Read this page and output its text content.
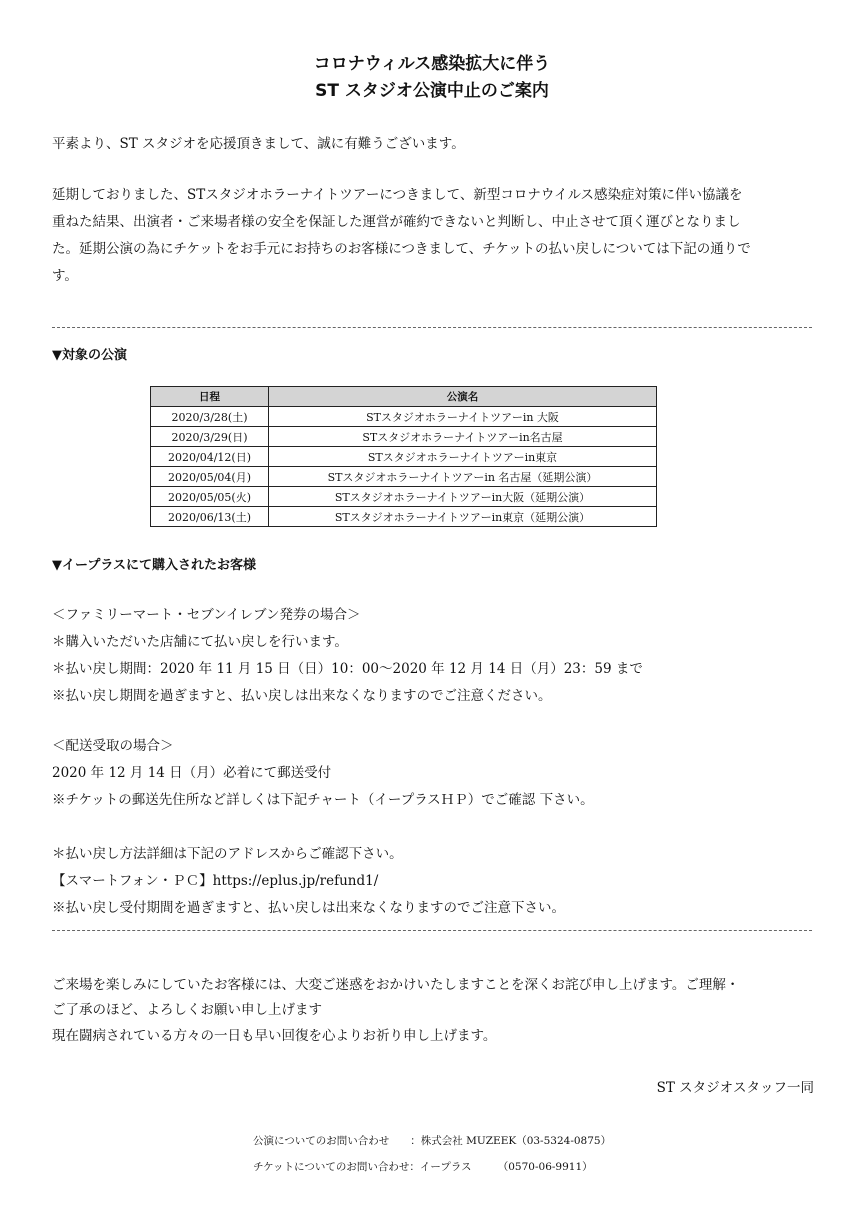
コロナウィルス感染拡大に伴う
ST スタジオ公演中止のご案内

平素より、ST スタジオを応援頂きまして、誠に有難うございます。

延期しておりました、STスタジオホラーナイトツアーにつきまして、新型コロナウイルス感染症対策に伴い協議を

重ねた結果、出演者・ご来場者様の安全を保証した運営が確約できないと判断し、中止させて頂く運びとなりまし

た。延期公演の為にチケットをお手元にお持ちのお客様につきまして、チケットの払い戻しについては下記の通りで

す。

▼対象の公演
日程	公演名
2020/3/28(土)	STスタジオホラーナイトツアーin 大阪
2020/3/29(日)	STスタジオホラーナイトツアーin名古屋
2020/04/12(日)	STスタジオホラーナイトツアーin東京
2020/05/04(月)	STスタジオホラーナイトツアーin 名古屋（延期公演）
2020/05/05(火)	STスタジオホラーナイトツアーin大阪（延期公演）
2020/06/13(土)	STスタジオホラーナイトツアーin東京（延期公演）
▼イープラスにて購入されたお客様

＜ファミリーマート・セブンイレブン発券の場合＞

＊購入いただいた店舗にて払い戻しを行います。

＊払い戻し期間：2020 年 11 月 15 日（日）10：00～2020 年 12 月 14 日（月）23：59 まで

※払い戻し期間を過ぎますと、払い戻しは出来なくなりますのでご注意ください。

＜配送受取の場合＞

2020 年 12 月 14 日（月）必着にて郵送受付

※チケットの郵送先住所など詳しくは下記チャート（イープラスＨＰ）でご確認 下さい。

＊払い戻し方法詳細は下記のアドレスからご確認下さい。

【スマートフォン・ＰＣ】https://eplus.jp/refund1/

※払い戻し受付期間を過ぎますと、払い戻しは出来なくなりますのでご注意下さい。

ご来場を楽しみにしていたお客様には、大変ご迷惑をおかけいたしますことを深くお詫び申し上げます。ご理解・

ご了承のほど、よろしくお願い申し上げます

現在闘病されている方々の一日も早い回復を心よりお祈り申し上げます。

ST スタジオスタッフ一同
公演についてのお問い合わせ　　：株式会社 MUZEEK（03-5324-0875）
チケットについてのお問い合わせ：イープラス　　　（0570-06-9911）
